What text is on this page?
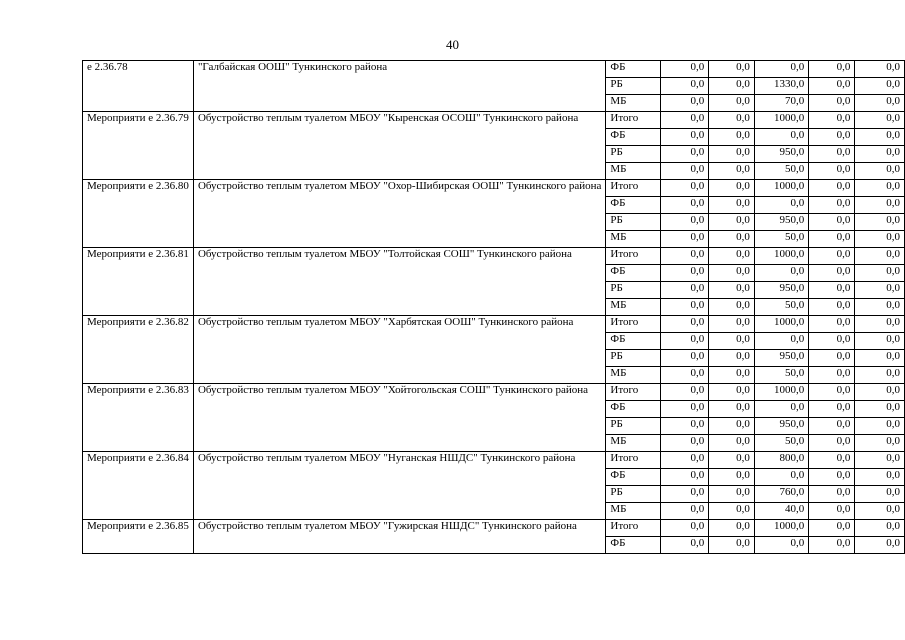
40
е 2.36.78	"Галбайская ООШ" Тункинского района	ФБ	0,0	0,0	0,0	0,0	0,0
		РБ	0,0	0,0	1330,0	0,0	0,0
		МБ	0,0	0,0	70,0	0,0	0,0
Мероприяти е 2.36.79	Обустройство теплым туалетом МБОУ "Кыренская ОСОШ" Тункинского района	Итого	0,0	0,0	1000,0	0,0	0,0
		ФБ	0,0	0,0	0,0	0,0	0,0
		РБ	0,0	0,0	950,0	0,0	0,0
		МБ	0,0	0,0	50,0	0,0	0,0
Мероприяти е 2.36.80	Обустройство теплым туалетом МБОУ "Охор-Шибирская ООШ" Тункинского района	Итого	0,0	0,0	1000,0	0,0	0,0
		ФБ	0,0	0,0	0,0	0,0	0,0
		РБ	0,0	0,0	950,0	0,0	0,0
		МБ	0,0	0,0	50,0	0,0	0,0
Мероприяти е 2.36.81	Обустройство теплым туалетом МБОУ "Толтойская СОШ" Тункинского района	Итого	0,0	0,0	1000,0	0,0	0,0
		ФБ	0,0	0,0	0,0	0,0	0,0
		РБ	0,0	0,0	950,0	0,0	0,0
		МБ	0,0	0,0	50,0	0,0	0,0
Мероприяти е 2.36.82	Обустройство теплым туалетом МБОУ "Харбятская ООШ" Тункинского района	Итого	0,0	0,0	1000,0	0,0	0,0
		ФБ	0,0	0,0	0,0	0,0	0,0
		РБ	0,0	0,0	950,0	0,0	0,0
		МБ	0,0	0,0	50,0	0,0	0,0
Мероприяти е 2.36.83	Обустройство теплым туалетом МБОУ "Хойтогольская СОШ" Тункинского района	Итого	0,0	0,0	1000,0	0,0	0,0
		ФБ	0,0	0,0	0,0	0,0	0,0
		РБ	0,0	0,0	950,0	0,0	0,0
		МБ	0,0	0,0	50,0	0,0	0,0
Мероприяти е 2.36.84	Обустройство теплым туалетом МБОУ "Нуганская НШДС" Тункинского района	Итого	0,0	0,0	800,0	0,0	0,0
		ФБ	0,0	0,0	0,0	0,0	0,0
		РБ	0,0	0,0	760,0	0,0	0,0
		МБ	0,0	0,0	40,0	0,0	0,0
Мероприяти е 2.36.85	Обустройство теплым туалетом МБОУ "Гужирская НШДС" Тункинского района	Итого	0,0	0,0	1000,0	0,0	0,0
		ФБ	0,0	0,0	0,0	0,0	0,0
